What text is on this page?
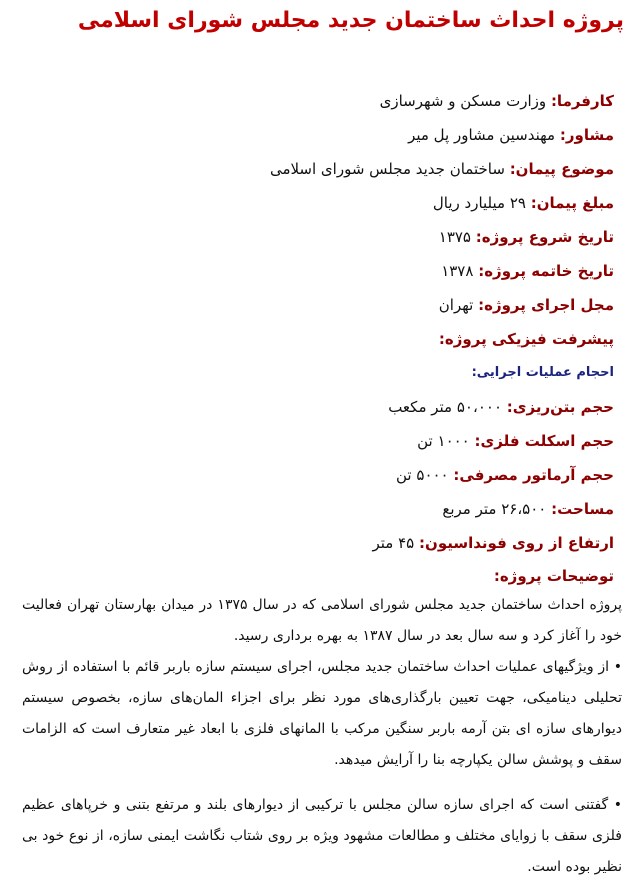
پروژه احداث ساختمان جدید مجلس شورای اسلامی
کارفرما: وزارت مسکن و شهرسازی
مشاور: مهندسین مشاور پل میر
موضوع پیمان: ساختمان جدید مجلس شورای اسلامی
مبلغ پیمان: ۲۹ میلیارد ریال
تاریخ شروع پروژه: ۱۳۷۵
تاریخ خاتمه پروژه: ۱۳۷۸
مجل اجرای پروژه: تهران
پیشرفت فیزیکی پروژه:
احجام عملیات اجرایی:
حجم بتن‌ریزی: ۵۰،۰۰۰ متر مکعب
حجم اسکلت فلزی: ۱۰۰۰ تن
حجم آرماتور مصرفی: ۵۰۰۰ تن
مساحت: ۲۶،۵۰۰ متر مربع
ارتفاع از روی فونداسیون: ۴۵ متر
توضیحات پروژه:
پروژه احداث ساختمان جدید مجلس شورای اسلامی که در سال ۱۳۷۵ در میدان بهارستان تهران فعالیت خود را آغاز کرد و سه سال بعد در سال ۱۳۸۷ به بهره برداری رسید.
• از ویژگیهای عملیات احداث ساختمان جدید مجلس، اجرای سیستم سازه باربر قائم با استفاده از روش تحلیلی دینامیکی، جهت تعیین بارگذاری‌های مورد نظر برای اجزاء المان‌های سازه، بخصوص سیستم دیوارهای سازه ای بتن آرمه باربر سنگین مرکب با المانهای فلزی با ابعاد غیر متعارف است که الزامات سقف و پوشش سالن یکپارچه بنا را آرایش میدهد.
• گفتنی است که اجرای سازه سالن مجلس با ترکیبی از دیوارهای بلند و مرتفع بتنی و خرپاهای عظیم فلزی سقف با زوایای مختلف و مطالعات مشهود ویژه بر روی شتاب نگاشت ایمنی سازه، از نوع خود بی نظیر بوده است.
